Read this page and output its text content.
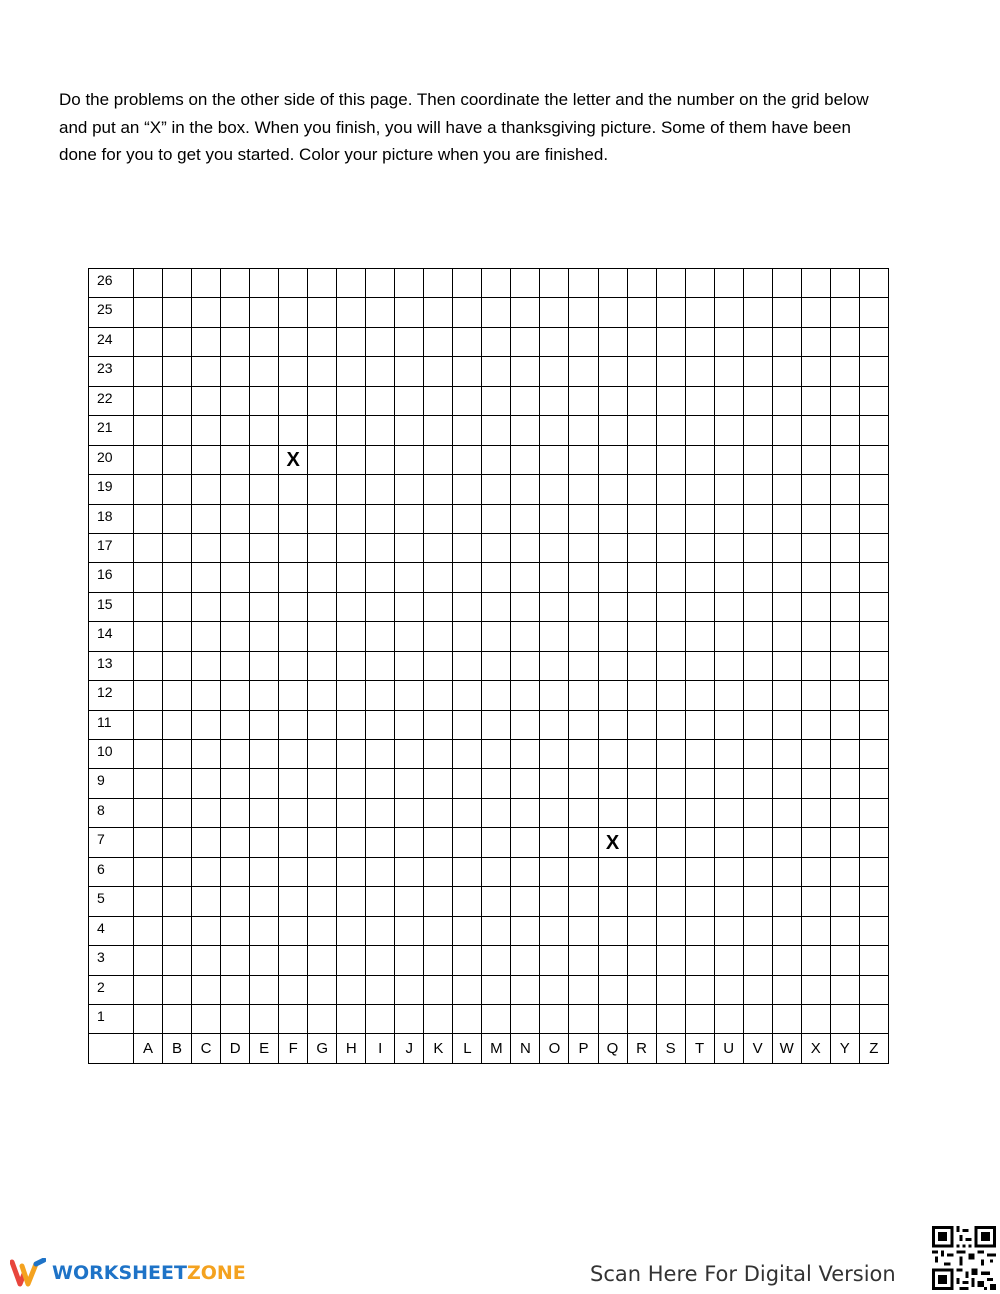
Do the problems on the other side of this page. Then coordinate the letter and the number on the grid below
and put an “X” in the box. When you finish, you will have a thanksgiving picture. Some of them have been
done for you to get you started. Color your picture when you are finished.
26																										
25																										
24																										
23																										
22																										
21																										
20						X																				
19																										
18																										
17																										
16																										
15																										
14																										
13																										
12																										
11																										
10																										
9																										
8																										
7																	X									
6																										
5																										
4																										
3																										
2																										
1																										
	A	B	C	D	E	F	G	H	I	J	K	L	M	N	O	P	Q	R	S	T	U	V	W	X	Y	Z
WORKSHEETZONE	Scan Here For Digital Version
